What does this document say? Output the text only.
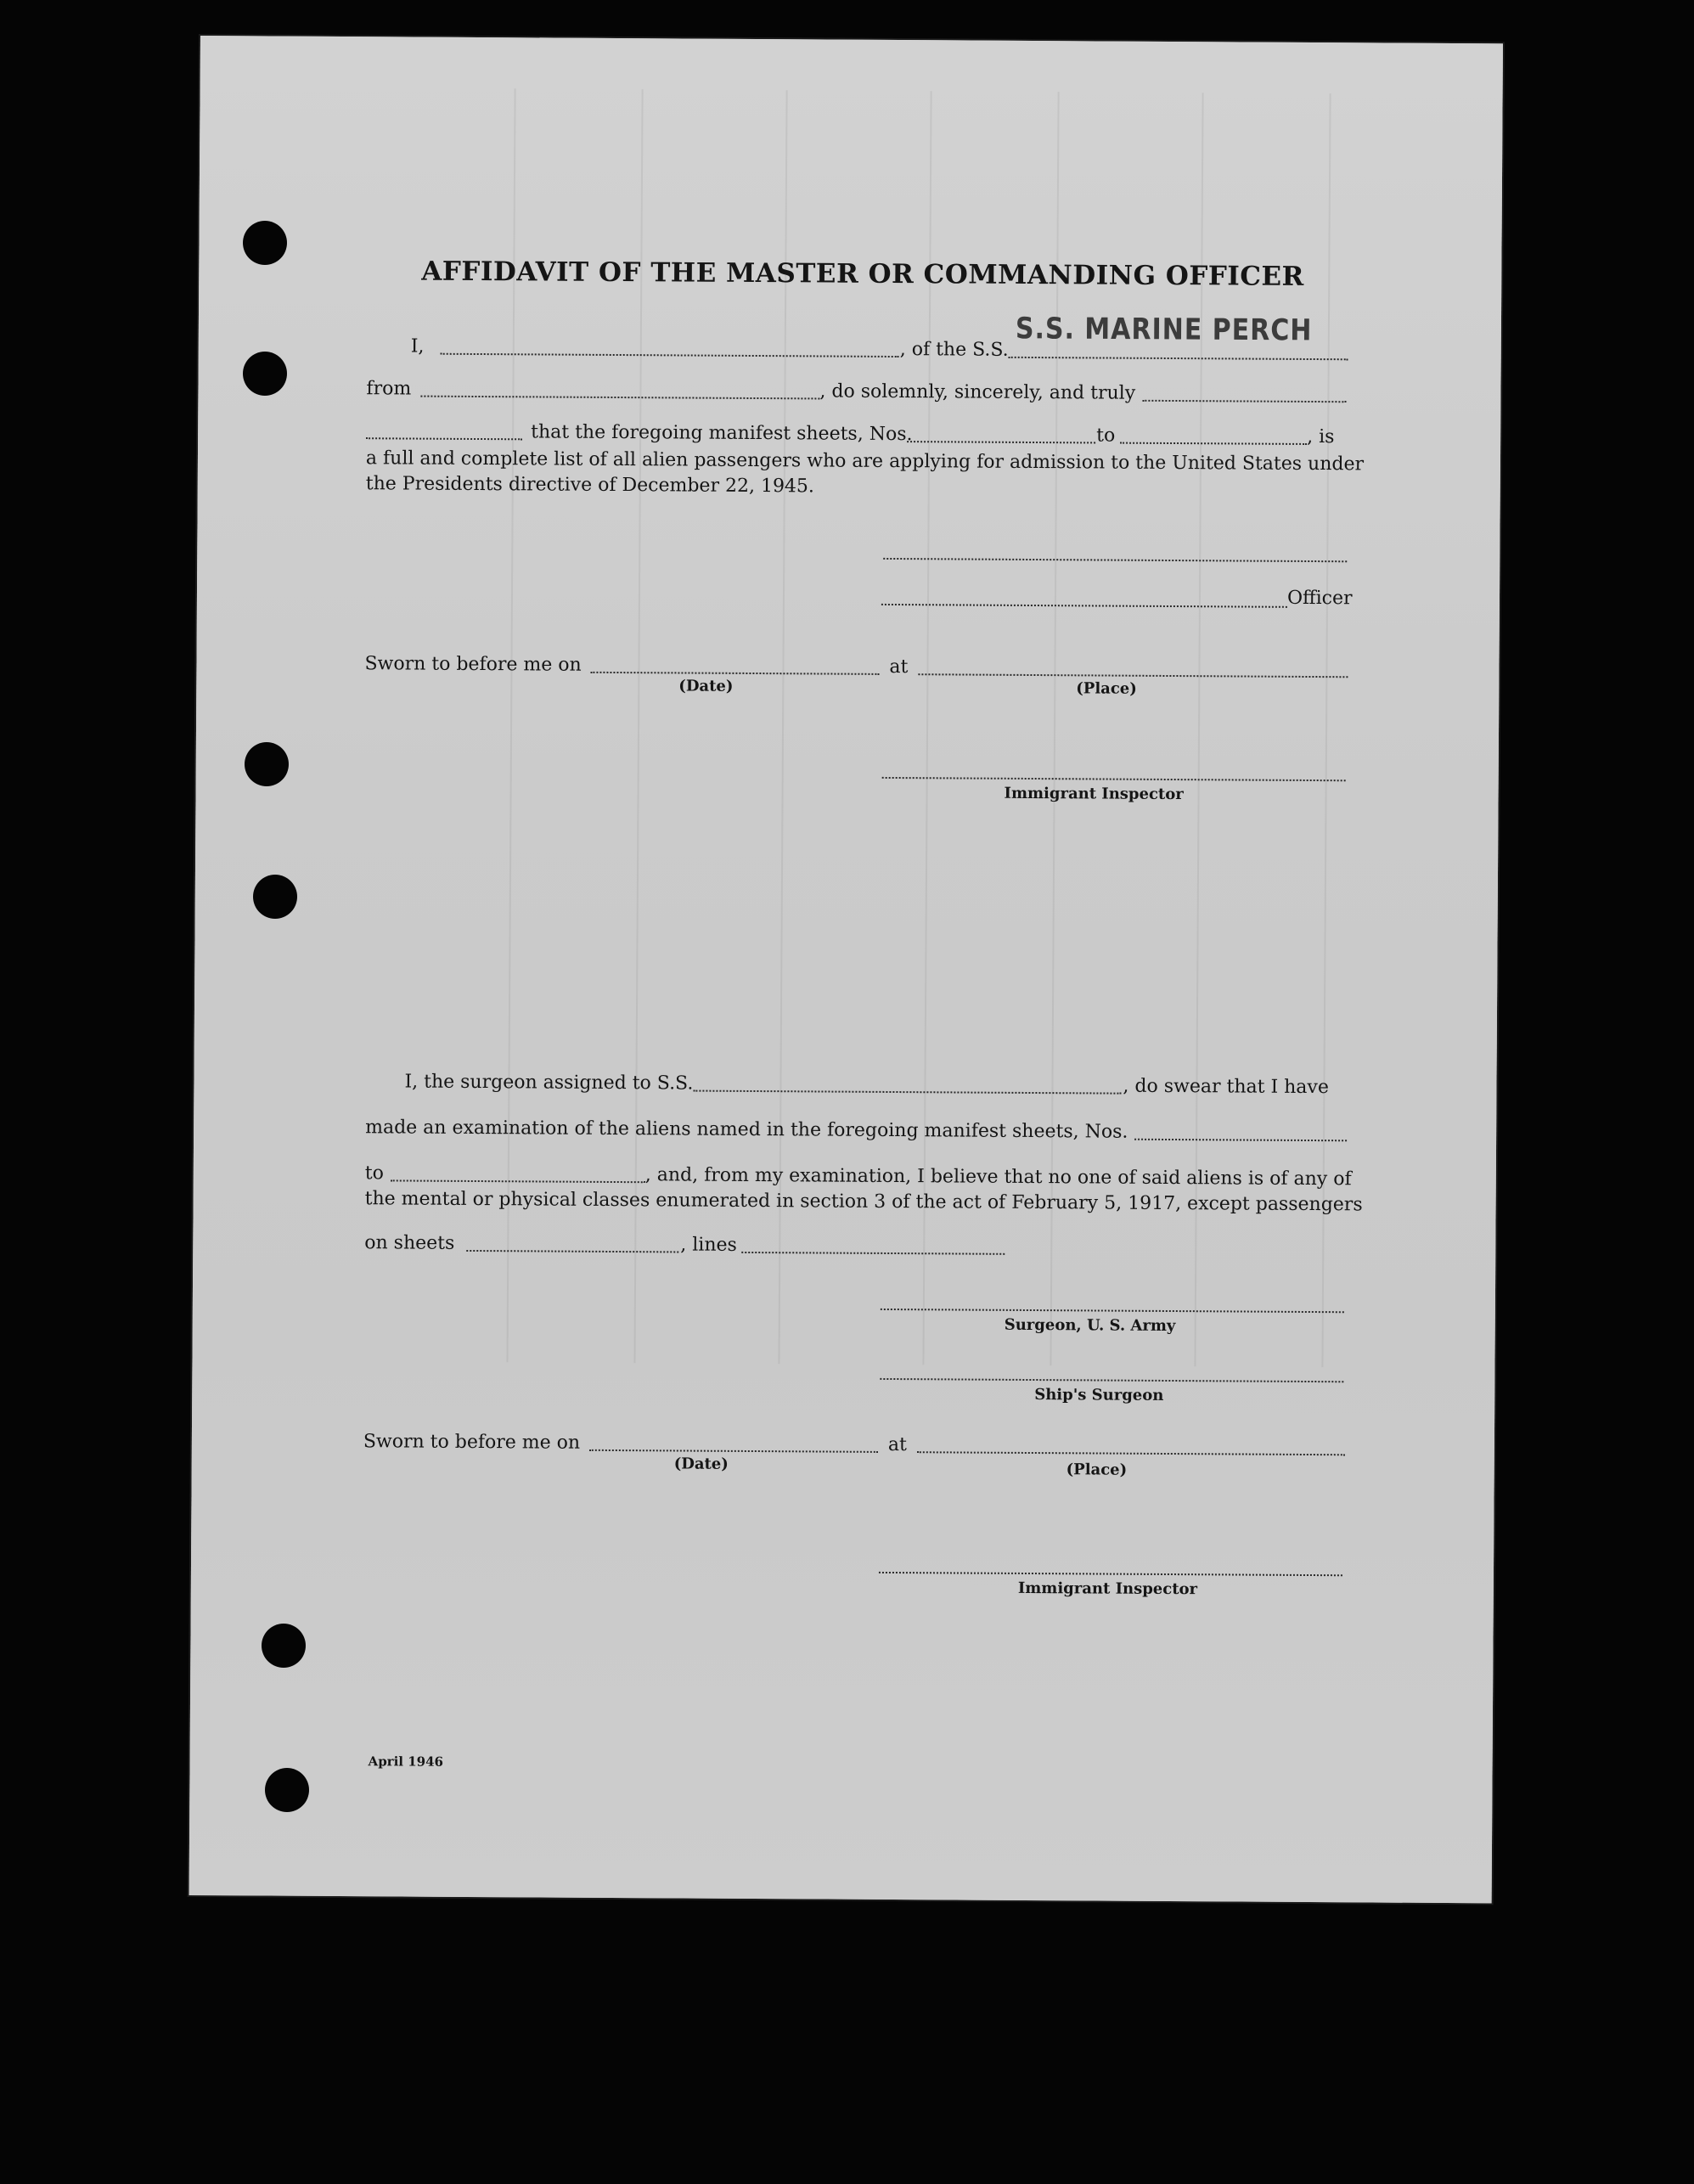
AFFIDAVIT OF THE MASTER OR COMMANDING OFFICER
I,	, of the S.S.
S.S. MARINE PERCH
from	, do solemnly, sincerely, and truly
that the foregoing manifest sheets, Nos.	to	, is
a full and complete list of all alien passengers who are applying for admission to the United States under
the Presidents directive of December 22, 1945.
Officer
Sworn to before me on	at
(Date)	(Place)
Immigrant Inspector
I, the surgeon assigned to S.S.	, do swear that I have
made an examination of the aliens named in the foregoing manifest sheets, Nos.
to	, and, from my examination, I believe that no one of said aliens is of any of
the mental or physical classes enumerated in section 3 of the act of February 5, 1917, except passengers
on sheets	, lines
Surgeon, U. S. Army
Ship's Surgeon
Sworn to before me on	at
(Date)	(Place)
Immigrant Inspector
April 1946
